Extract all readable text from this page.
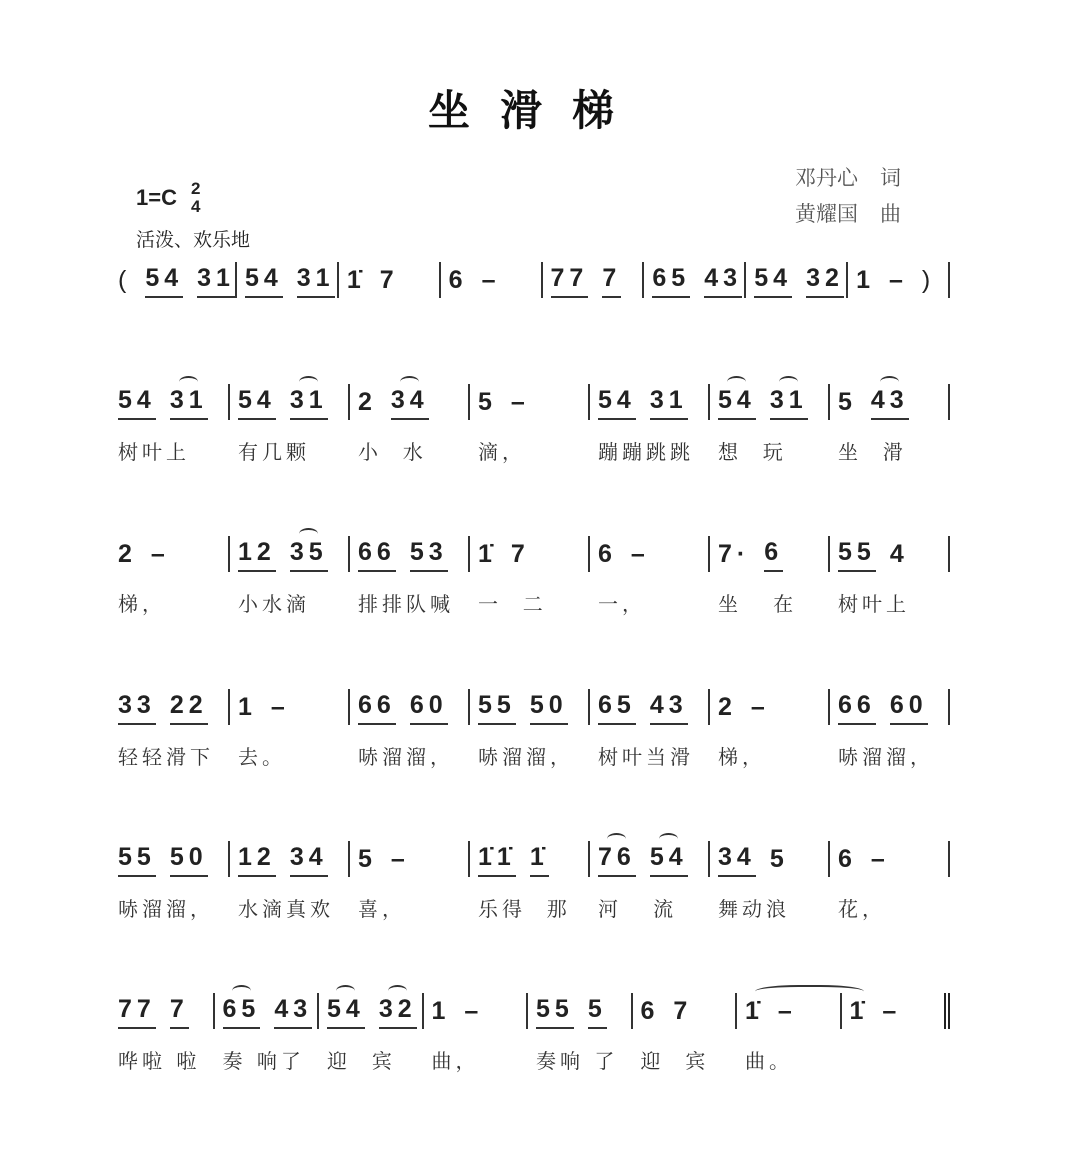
坐滑梯
1=C 2
4
活泼、欢乐地
邓丹心 词
黄耀国 曲
( 54 31 54 31 1̇ 7 6 – 77 7 65 43 54 32 1 – )
54 31
树叶上
54 31
有几颗
2 34
小  水
5 –
滴，
54 31
蹦蹦跳跳
54 31
想  玩
5 43
坐  滑
2 –
梯，
12 35
小水滴
66 53
排排队喊
1̇ 7
一  二
6 –
一，
7· 6
坐   在
55 4
树叶上
33 22
轻轻滑下
1 –
去。
66 60
哧溜溜，
55 50
哧溜溜，
65 43
树叶当滑
2 –
梯，
66 60
哧溜溜，
55 50
哧溜溜，
12 34
水滴真欢
5 –
喜，
1̇1̇ 1̇
乐得  那
76 54
河   流
34 5
舞动浪
6 –
花，
77 7
哗啦 啦
65 43
奏 响了
54 32
迎  宾
1 –
曲，
55 5
奏响 了
6 7
迎  宾
1̇ –
曲。
1̇ –
